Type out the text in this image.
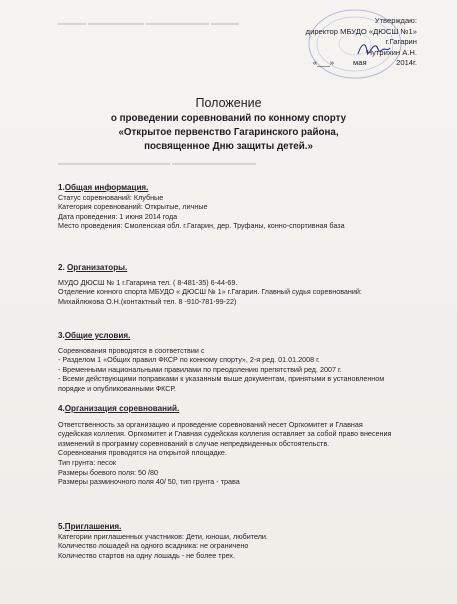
▬▬▬▬ ▬▬▬▬▬▬▬▬ ▬▬▬▬▬▬▬▬▬ ▬▬▬▬
▬▬▬▬▬▬▬▬▬▬▬▬▬▬▬▬ ▬▬▬▬▬▬▬▬▬▬▬▬
Утверждаю:
директор МБУДО «ДЮСШ №1»
г.Гагарин
Нутрихин А.Н.
«___»	мая	2014г.
Положение
о проведении соревнований по конному спорту
«Открытое первенство Гагаринского района,
посвященное Дню защиты детей.»
1.Общая информация.
Статус соревнований: Клубные
Категория соревнований: Открытые, личные
Дата проведения: 1 июня 2014 года
Место проведения: Смоленская обл. г.Гагарин, дер. Труфаны, конно-спортивная база
2. Организаторы.
МУДО ДЮСШ № 1 г.Гагарина тел. ( 8-481-35) 6-44-69.
Отделение конного спорта МБУДО « ДЮСШ № 1» г.Гагарин. Главный судья соревнований:
Михайлюкова О.Н.(контактный тел. 8 -910-781-99-22)
3.Общие условия.
Соревнования проводятся в соответствии с
- Разделом 1 «Общих правил ФКСР по конному спорту», 2-я ред. 01.01.2008 г.
- Временными национальными правилами по преодолению препятствий ред. 2007 г.
- Всеми действующими поправками к указанным выше документам, принятыми в установленном
порядке и опубликованными ФКСР.
4.Организация соревнований.
Ответственность за организацию и проведение соревнований несет Оргкомитет и Главная
судейская коллегия. Оргкомитет и Главная судейская коллегия оставляет за собой право внесения
изменений в программу соревнований в случае непредвиденных обстоятельств.
Соревнования проводятся на открытой площадке.
Тип грунта: песок
Размеры боевого поля: 50 /80
Размеры разминочного поля 40/ 50, тип грунта - трава
5.Приглашения.
Категории приглашенных участников: Дети, юноши, любители.
Количество лошадей на одного всадника: не ограничено
Количество стартов на одну лошадь - не более трех.
